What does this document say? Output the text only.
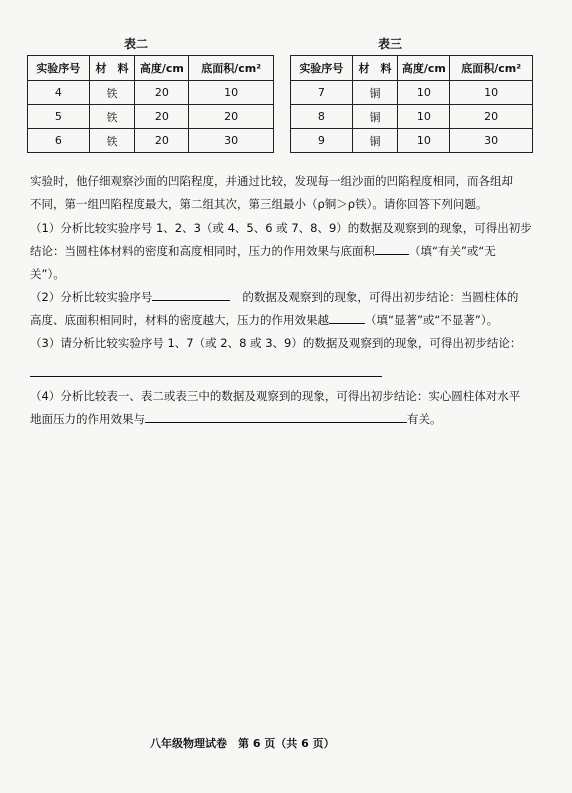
表二
实验序号	材　料	高度/cm	底面积/cm²
4	铁	20	10
5	铁	20	20
6	铁	20	30
表三
实验序号	材　料	高度/cm	底面积/cm²
7	铜	10	10
8	铜	10	20
9	铜	10	30

实验时，他仔细观察沙面的凹陷程度，并通过比较，发现每一组沙面的凹陷程度相同，而各组却

不同，第一组凹陷程度最大，第二组其次，第三组最小（ρ铜＞ρ铁）。请你回答下列问题。

（1）分析比较实验序号 1、2、3（或 4、5、6 或 7、8、9）的数据及观察到的现象，可得出初步

结论：当圆柱体材料的密度和高度相同时，压力的作用效果与底面积	（填“有关”或“无

关”）。

（2）分析比较实验序号	的数据及观察到的现象，可得出初步结论：当圆柱体的

高度、底面积相同时，材料的密度越大，压力的作用效果越	（填“显著”或“不显著”）。

（3）请分析比较实验序号 1、7（或 2、8 或 3、9）的数据及观察到的现象，可得出初步结论：

（4）分析比较表一、表二或表三中的数据及观察到的现象，可得出初步结论：实心圆柱体对水平

地面压力的作用效果与	有关。

八年级物理试卷　第 6 页（共 6 页）
